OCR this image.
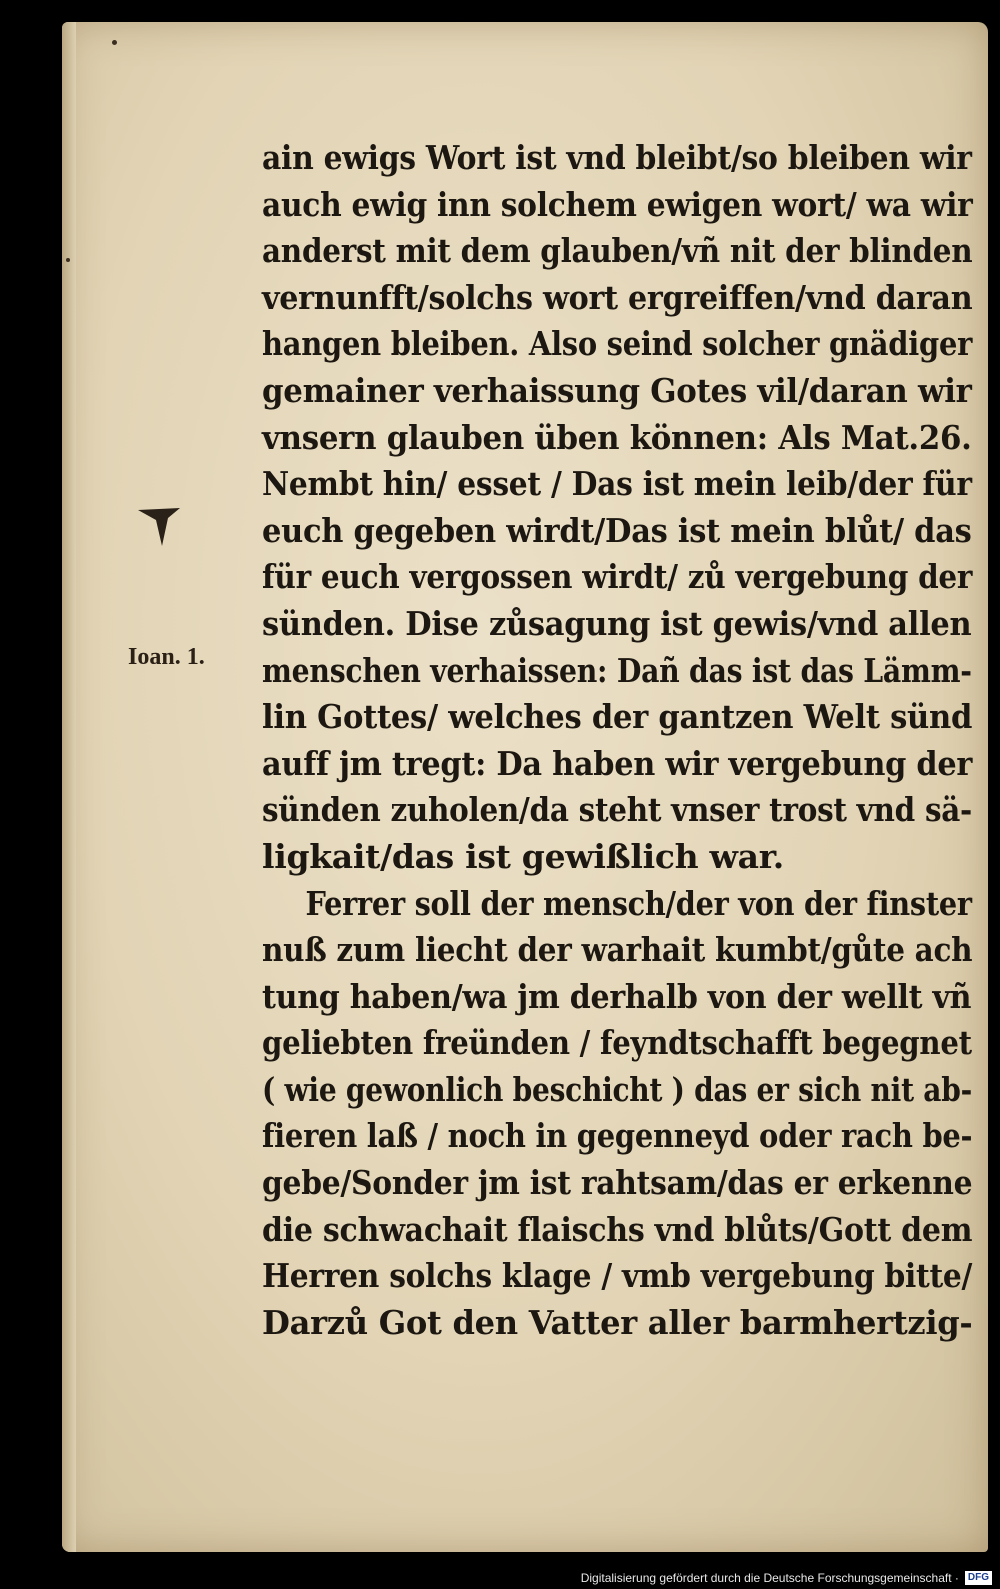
Ioan. 1.
ain ewigs Wort ist vnd bleibt/so bleiben wir
auch ewig inn solchem ewigen wort/ wa wir
anderst mit dem glauben/vñ nit der blinden
vernunfft/solchs wort ergreiffen/vnd daran
hangen bleiben. Also seind solcher gnädiger
gemainer verhaissung Gotes vil/daran wir
vnsern glauben üben können: Als Mat.26.
Nembt hin/ esset / Das ist mein leib/der für
euch gegeben wirdt/Das ist mein blůt/ das
für euch vergossen wirdt/ zů vergebung der
sünden. Dise zůsagung ist gewis/vnd allen
menschen verhaissen: Dañ das ist das Lämm-
lin Gottes/ welches der gantzen Welt sünd
auff jm tregt: Da haben wir vergebung der
sünden zuholen/da steht vnser trost vnd sä-
ligkait/das ist gewißlich war.
Ferrer soll der mensch/der von der finster
nuß zum liecht der warhait kumbt/gůte ach
tung haben/wa jm derhalb von der wellt vñ
geliebten freünden / feyndtschafft begegnet
( wie gewonlich beschicht ) das er sich nit ab-
fieren laß / noch in gegenneyd oder rach be-
gebe/Sonder jm ist rahtsam/das er erkenne
die schwachait flaischs vnd blůts/Gott dem
Herren solchs klage / vmb vergebung bitte/
Darzů Got den Vatter aller barmhertzig-
Digitalisierung gefördert durch die Deutsche Forschungsgemeinschaft · DFG
